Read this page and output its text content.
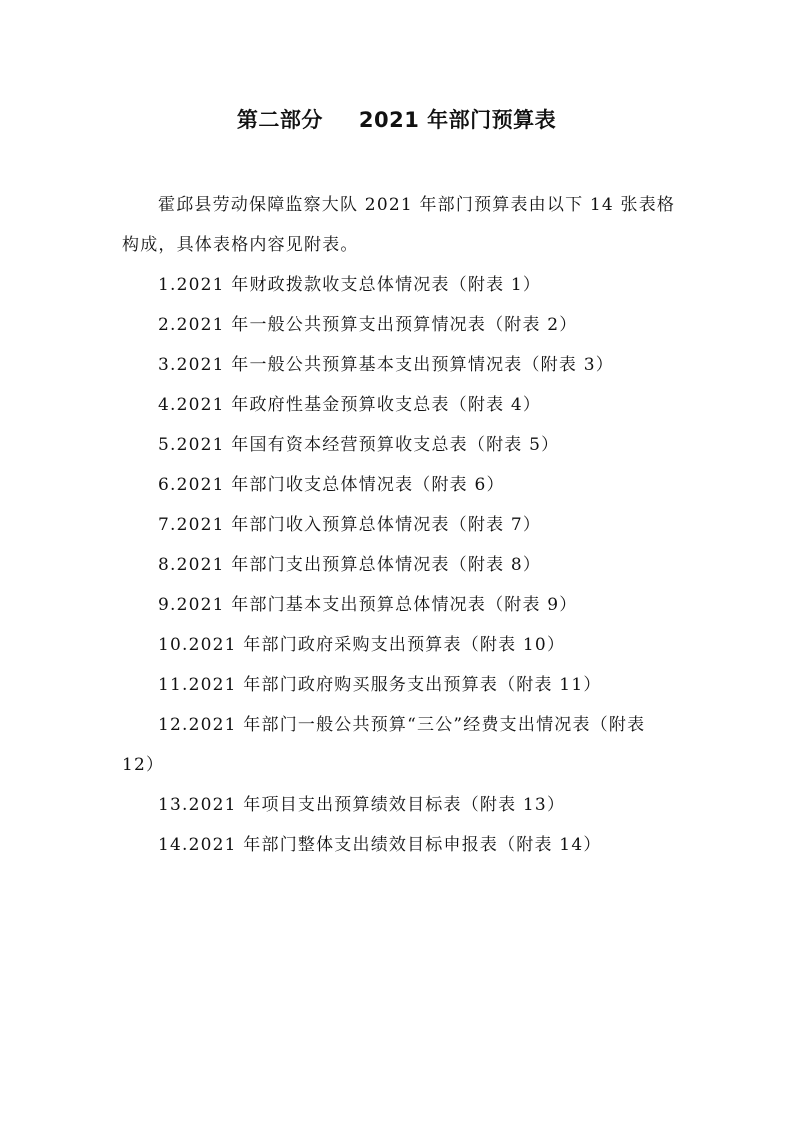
第二部分 2021 年部门预算表

霍邱县劳动保障监察大队 2021 年部门预算表由以下 14 张表格构成，具体表格内容见附表。

1.2021 年财政拨款收支总体情况表（附表 1）
2.2021 年一般公共预算支出预算情况表（附表 2）
3.2021 年一般公共预算基本支出预算情况表（附表 3）
4.2021 年政府性基金预算收支总表（附表 4）
5.2021 年国有资本经营预算收支总表（附表 5）
6.2021 年部门收支总体情况表（附表 6）
7.2021 年部门收入预算总体情况表（附表 7）
8.2021 年部门支出预算总体情况表（附表 8）
9.2021 年部门基本支出预算总体情况表（附表 9）
10.2021 年部门政府采购支出预算表（附表 10）
11.2021 年部门政府购买服务支出预算表（附表 11）
12.2021 年部门一般公共预算“三公”经费支出情况表（附表 12）
13.2021 年项目支出预算绩效目标表（附表 13）
14.2021 年部门整体支出绩效目标申报表（附表 14）
